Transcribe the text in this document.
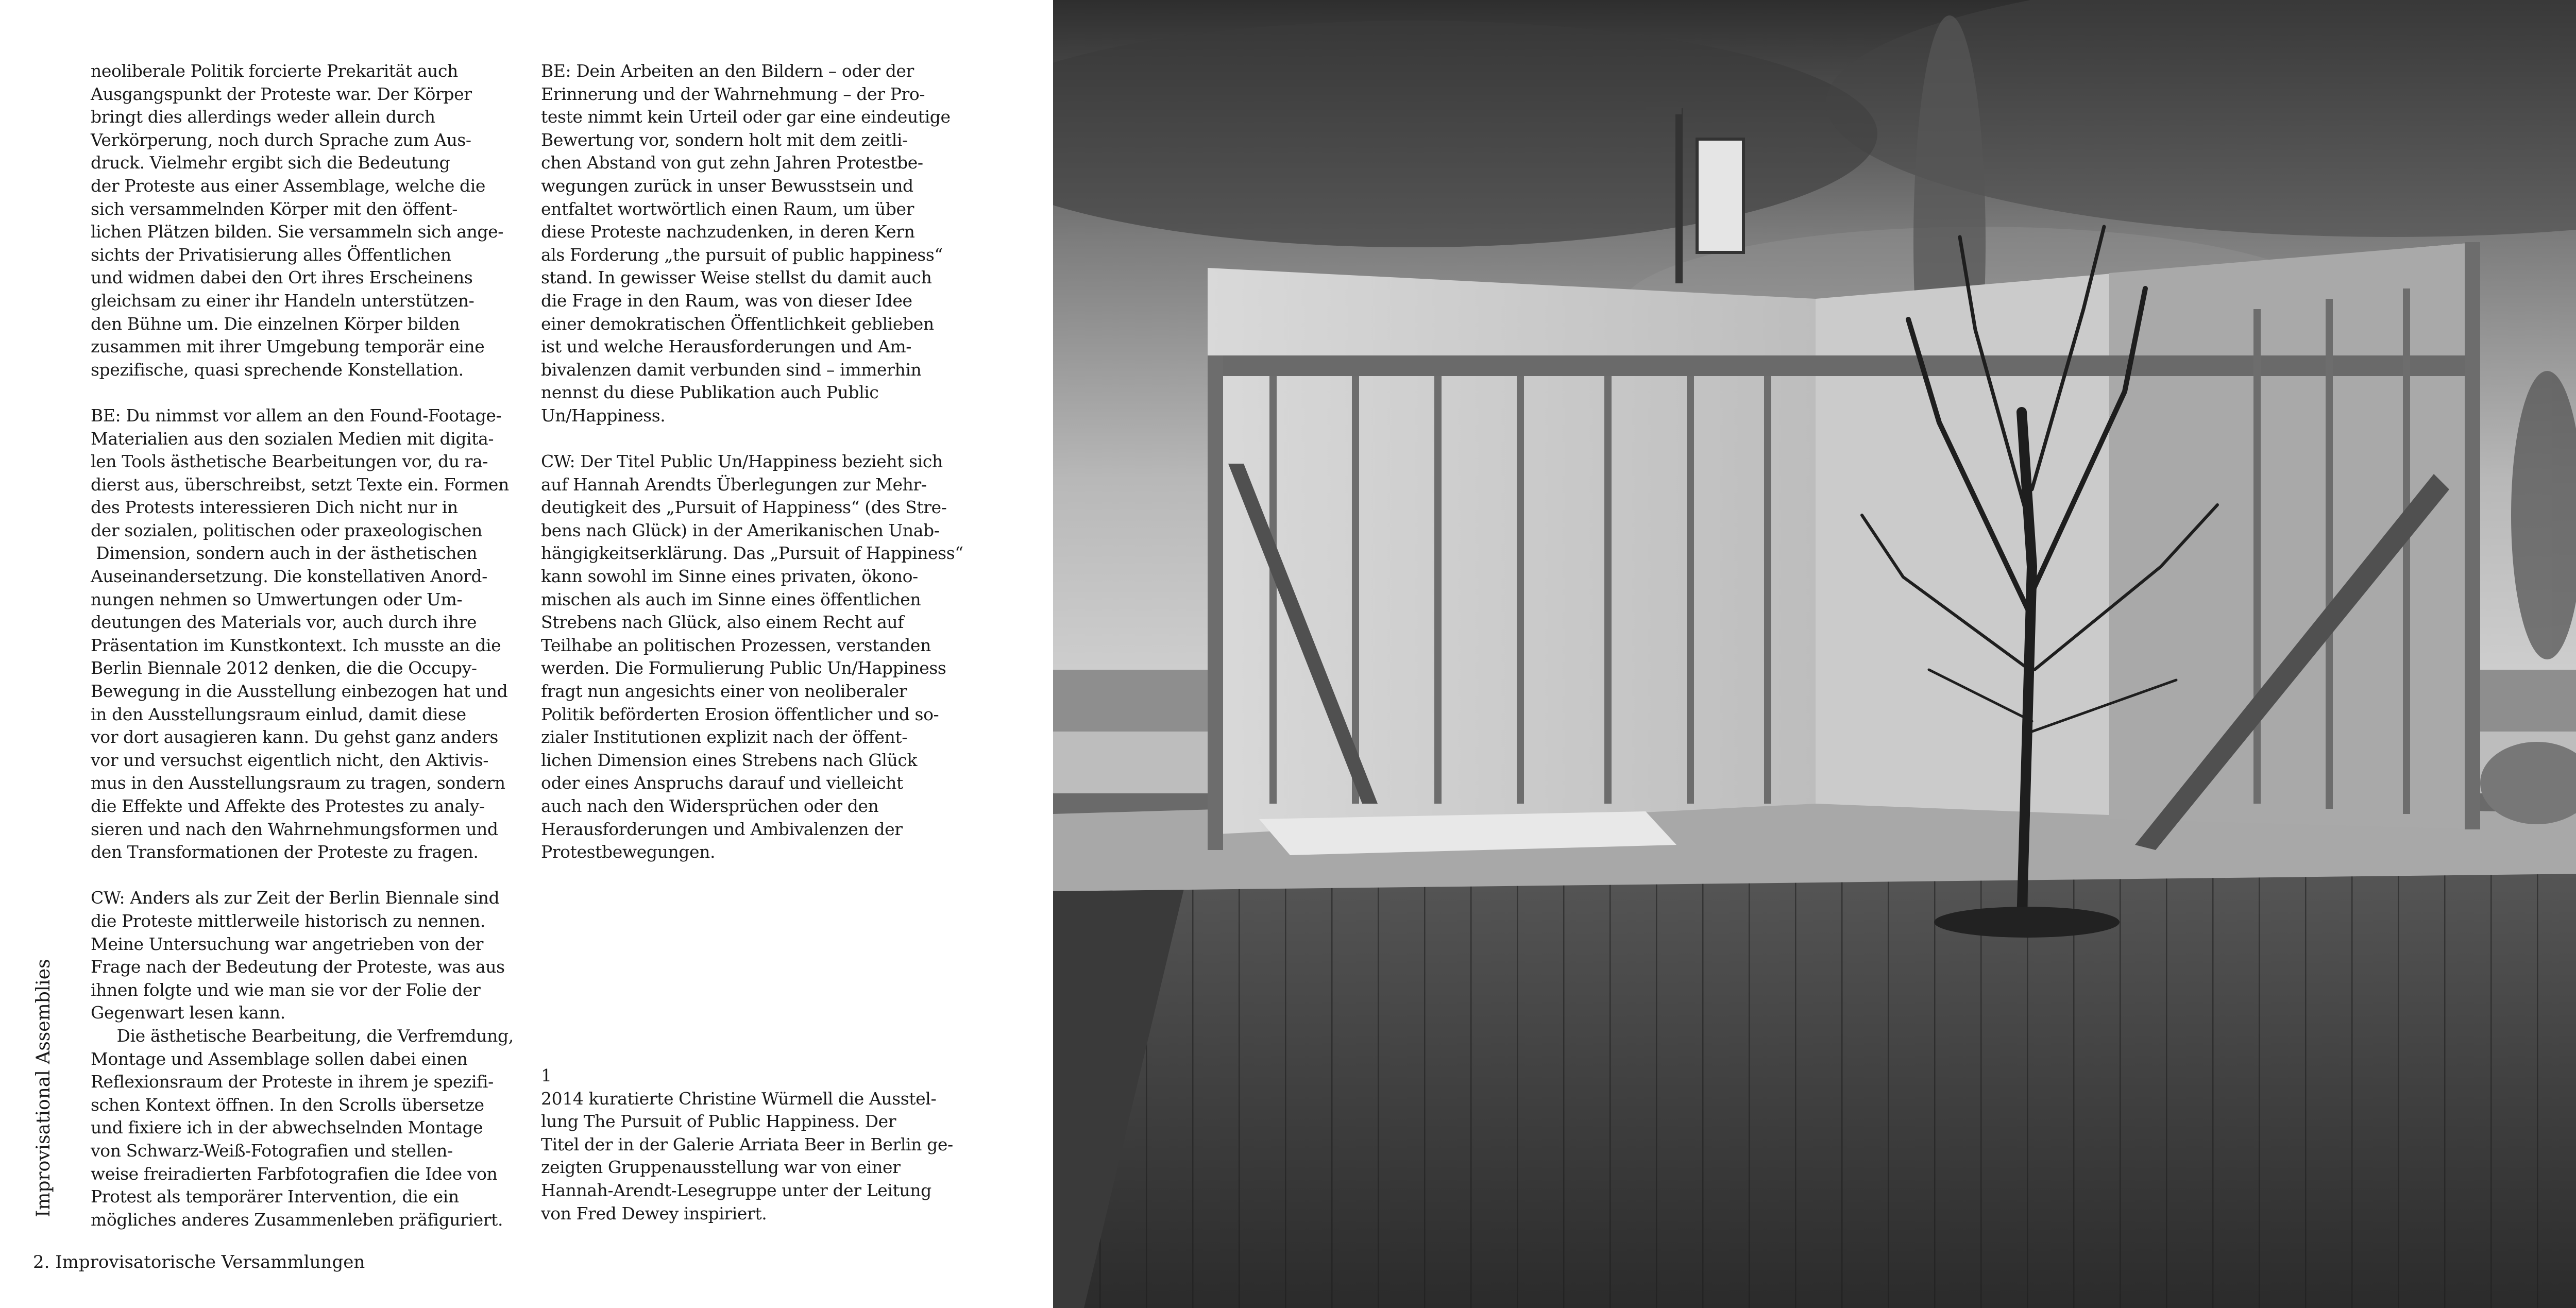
neoliberale Politik forcierte Prekarität auch

Ausgangspunkt der Proteste war. Der Körper

bringt dies allerdings weder allein durch

Verkörperung, noch durch Sprache zum Aus-

druck. Vielmehr ergibt sich die Bedeutung

der Proteste aus einer Assemblage, welche die

sich versammelnden Körper mit den öffent-

lichen Plätzen bilden. Sie versammeln sich ange-

sichts der Privatisierung alles Öffentlichen

und widmen dabei den Ort ihres Erscheinens

gleichsam zu einer ihr Handeln unterstützen-

den Bühne um. Die einzelnen Körper bilden

zusammen mit ihrer Umgebung temporär eine

spezifische, quasi sprechende Konstellation.

BE: Du nimmst vor allem an den Found-Footage-

Materialien aus den sozialen Medien mit digita-

len Tools ästhetische Bearbeitungen vor, du ra-

dierst aus, überschreibst, setzt Texte ein. Formen

des Protests interessieren Dich nicht nur in

der sozialen, politischen oder praxeologischen

Dimension, sondern auch in der ästhetischen

Auseinandersetzung. Die konstellativen Anord-

nungen nehmen so Umwertungen oder Um-

deutungen des Materials vor, auch durch ihre

Präsentation im Kunstkontext. Ich musste an die

Berlin Biennale 2012 denken, die die Occupy-

Bewegung in die Ausstellung einbezogen hat und

in den Ausstellungsraum einlud, damit diese

vor dort ausagieren kann. Du gehst ganz anders

vor und versuchst eigentlich nicht, den Aktivis-

mus in den Ausstellungsraum zu tragen, sondern

die Effekte und Affekte des Protestes zu analy-

sieren und nach den Wahrnehmungsformen und

den Transformationen der Proteste zu fragen.

CW: Anders als zur Zeit der Berlin Biennale sind

die Proteste mittlerweile historisch zu nennen.

Meine Untersuchung war angetrieben von der

Frage nach der Bedeutung der Proteste, was aus

ihnen folgte und wie man sie vor der Folie der

Gegenwart lesen kann.

Die ästhetische Bearbeitung, die Verfremdung,

Montage und Assemblage sollen dabei einen

Reflexionsraum der Proteste in ihrem je spezifi-

schen Kontext öffnen. In den Scrolls übersetze

und fixiere ich in der abwechselnden Montage

von Schwarz-Weiß-Fotografien und stellen-

weise freiradierten Farbfotografien die Idee von

Protest als temporärer Intervention, die ein

mögliches anderes Zusammenleben präfiguriert.

BE: Dein Arbeiten an den Bildern – oder der

Erinnerung und der Wahrnehmung – der Pro-

teste nimmt kein Urteil oder gar eine eindeutige

Bewertung vor, sondern holt mit dem zeitli-

chen Abstand von gut zehn Jahren Protestbe-

wegungen zurück in unser Bewusstsein und

entfaltet wortwörtlich einen Raum, um über

diese Proteste nachzudenken, in deren Kern

als Forderung „the pursuit of public happiness“

stand. In gewisser Weise stellst du damit auch

die Frage in den Raum, was von dieser Idee

einer demokratischen Öffentlichkeit geblieben

ist und welche Herausforderungen und Am-

bivalenzen damit verbunden sind – immerhin

nennst du diese Publikation auch Public

Un/Happiness.

CW: Der Titel Public Un/Happiness bezieht sich

auf Hannah Arendts Überlegungen zur Mehr-

deutigkeit des „Pursuit of Happiness“ (des Stre-

bens nach Glück) in der Amerikanischen Unab-

hängigkeitserklärung. Das „Pursuit of Happiness“

kann sowohl im Sinne eines privaten, ökono-

mischen als auch im Sinne eines öffentlichen

Strebens nach Glück, also einem Recht auf

Teilhabe an politischen Prozessen, verstanden

werden. Die Formulierung Public Un/Happiness

fragt nun angesichts einer von neoliberaler

Politik beförderten Erosion öffentlicher und so-

zialer Institutionen explizit nach der öffent-

lichen Dimension eines Strebens nach Glück

oder eines Anspruchs darauf und vielleicht

auch nach den Widersprüchen oder den

Herausforderungen und Ambivalenzen der

Protestbewegungen.

1

2014 kuratierte Christine Würmell die Ausstel-

lung The Pursuit of Public Happiness. Der

Titel der in der Galerie Arriata Beer in Berlin ge-

zeigten Gruppenausstellung war von einer

Hannah-Arendt-Lesegruppe unter der Leitung

von Fred Dewey inspiriert.

Improvisational Assemblies
2. Improvisatorische Versammlungen
